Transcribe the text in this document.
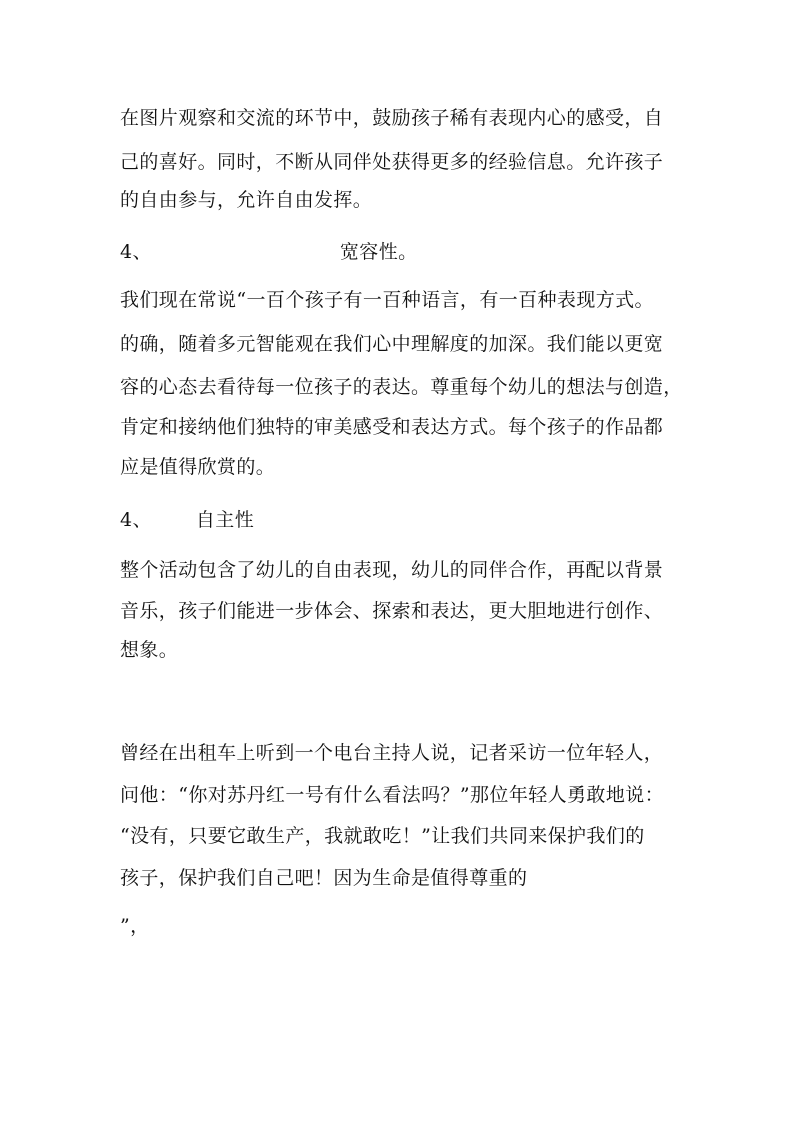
在图片观察和交流的环节中，鼓励孩子稀有表现内心的感受，自
己的喜好。同时，不断从同伴处获得更多的经验信息。允许孩子
的自由参与，允许自由发挥。
4、	宽容性。
我们现在常说“一百个孩子有一百种语言，有一百种表现方式。
的确，随着多元智能观在我们心中理解度的加深。我们能以更宽
容的心态去看待每一位孩子的表达。尊重每个幼儿的想法与创造，
肯定和接纳他们独特的审美感受和表达方式。每个孩子的作品都
应是值得欣赏的。
4、 自主性
整个活动包含了幼儿的自由表现，幼儿的同伴合作，再配以背景
音乐，孩子们能进一步体会、探索和表达，更大胆地进行创作、
想象。
曾经在出租车上听到一个电台主持人说，记者采访一位年轻人，
问他：“你对苏丹红一号有什么看法吗？”那位年轻人勇敢地说：
“没有，只要它敢生产，我就敢吃！”让我们共同来保护我们的
孩子，保护我们自己吧！因为生命是值得尊重的
”，
